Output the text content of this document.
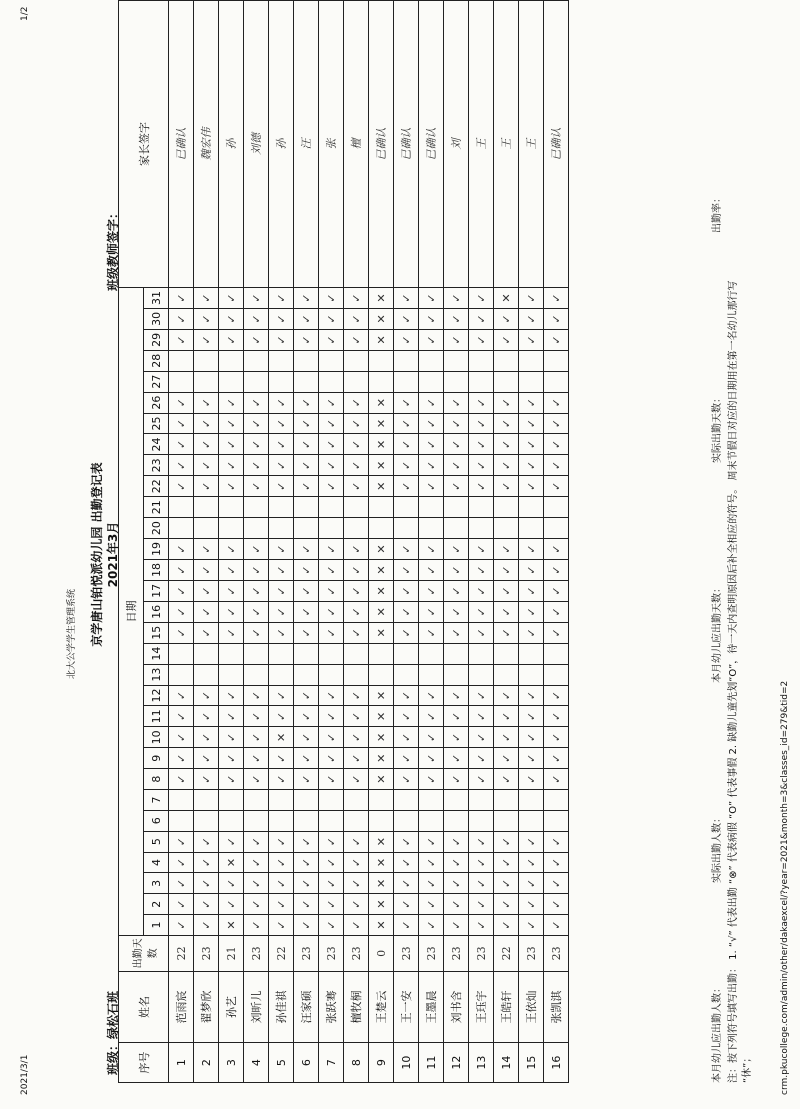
2021/3/1
北大公学学生管理系统
1/2
京学唐山铂悦派幼儿园 出勤登记表 2021年3月
班级：绿松石班
班级教师签字：
序号	姓名	出勤天数	日期																															家长签字
			1	2	3	4	5	6	7	8	9	10	11	12	13	14	15	16	17	18	19	20	21	22	23	24	25	26	27	28	29	30	31	
1	范雨宸	22	✓	✓	✓	✓	✓			✓	✓	✓	✓	✓			✓	✓	✓	✓	✓			✓	✓	✓	✓	✓			✓	✓	✓	已确认
2	翟梦欣	23	✓	✓	✓	✓	✓			✓	✓	✓	✓	✓			✓	✓	✓	✓	✓			✓	✓	✓	✓	✓			✓	✓	✓	魏宏伟
3	孙艺	21	✕	✓	✓	✕	✓			✓	✓	✓	✓	✓			✓	✓	✓	✓	✓			✓	✓	✓	✓	✓			✓	✓	✓	孙
4	刘昕儿	23	✓	✓	✓	✓	✓			✓	✓	✓	✓	✓			✓	✓	✓	✓	✓			✓	✓	✓	✓	✓			✓	✓	✓	刘德
5	孙佳祺	22	✓	✓	✓	✓	✓			✓	✓	✕	✓	✓			✓	✓	✓	✓	✓			✓	✓	✓	✓	✓			✓	✓	✓	孙
6	汪家硕	23	✓	✓	✓	✓	✓			✓	✓	✓	✓	✓			✓	✓	✓	✓	✓			✓	✓	✓	✓	✓			✓	✓	✓	汪
7	张跃骞	23	✓	✓	✓	✓	✓			✓	✓	✓	✓	✓			✓	✓	✓	✓	✓			✓	✓	✓	✓	✓			✓	✓	✓	张
8	檀牧桐	23	✓	✓	✓	✓	✓			✓	✓	✓	✓	✓			✓	✓	✓	✓	✓			✓	✓	✓	✓	✓			✓	✓	✓	檀
9	王楚云	0	✕	✕	✕	✕	✕			✕	✕	✕	✕	✕			✕	✕	✕	✕	✕			✕	✕	✕	✕	✕			✕	✕	✕	已确认
10	王一安	23	✓	✓	✓	✓	✓			✓	✓	✓	✓	✓			✓	✓	✓	✓	✓			✓	✓	✓	✓	✓			✓	✓	✓	已确认
11	王墨晨	23	✓	✓	✓	✓	✓			✓	✓	✓	✓	✓			✓	✓	✓	✓	✓			✓	✓	✓	✓	✓			✓	✓	✓	已确认
12	刘书含	23	✓	✓	✓	✓	✓			✓	✓	✓	✓	✓			✓	✓	✓	✓	✓			✓	✓	✓	✓	✓			✓	✓	✓	刘
13	王珏宇	23	✓	✓	✓	✓	✓			✓	✓	✓	✓	✓			✓	✓	✓	✓	✓			✓	✓	✓	✓	✓			✓	✓	✓	王
14	王皓轩	22	✓	✓	✓	✓	✓			✓	✓	✓	✓	✓			✓	✓	✓	✓	✓			✓	✓	✓	✓	✓			✓	✓	✕	王
15	王依灿	23	✓	✓	✓	✓	✓			✓	✓	✓	✓	✓			✓	✓	✓	✓	✓			✓	✓	✓	✓	✓			✓	✓	✓	王
16	张凯淇	23	✓	✓	✓	✓	✓			✓	✓	✓	✓	✓			✓	✓	✓	✓	✓			✓	✓	✓	✓	✓			✓	✓	✓	已确认
本月幼儿应出勤人数：
实际出勤人数：
本月幼儿应出勤天数：
实际出勤天数：
出勤率：
注：按下列符号填写出勤： 1. “√” 代表出勤 “⊗” 代表病假 “O” 代表事假 2. 缺勤儿童先划“O”，待一天内查明原因后补全相应的符号。 周末节假日对应的日期用在第一名幼儿那行写 “休”；	crm.pkucollege.com/admin/other/dakaexcel/?year=2021&month=3&classes_id=279&tid=2
